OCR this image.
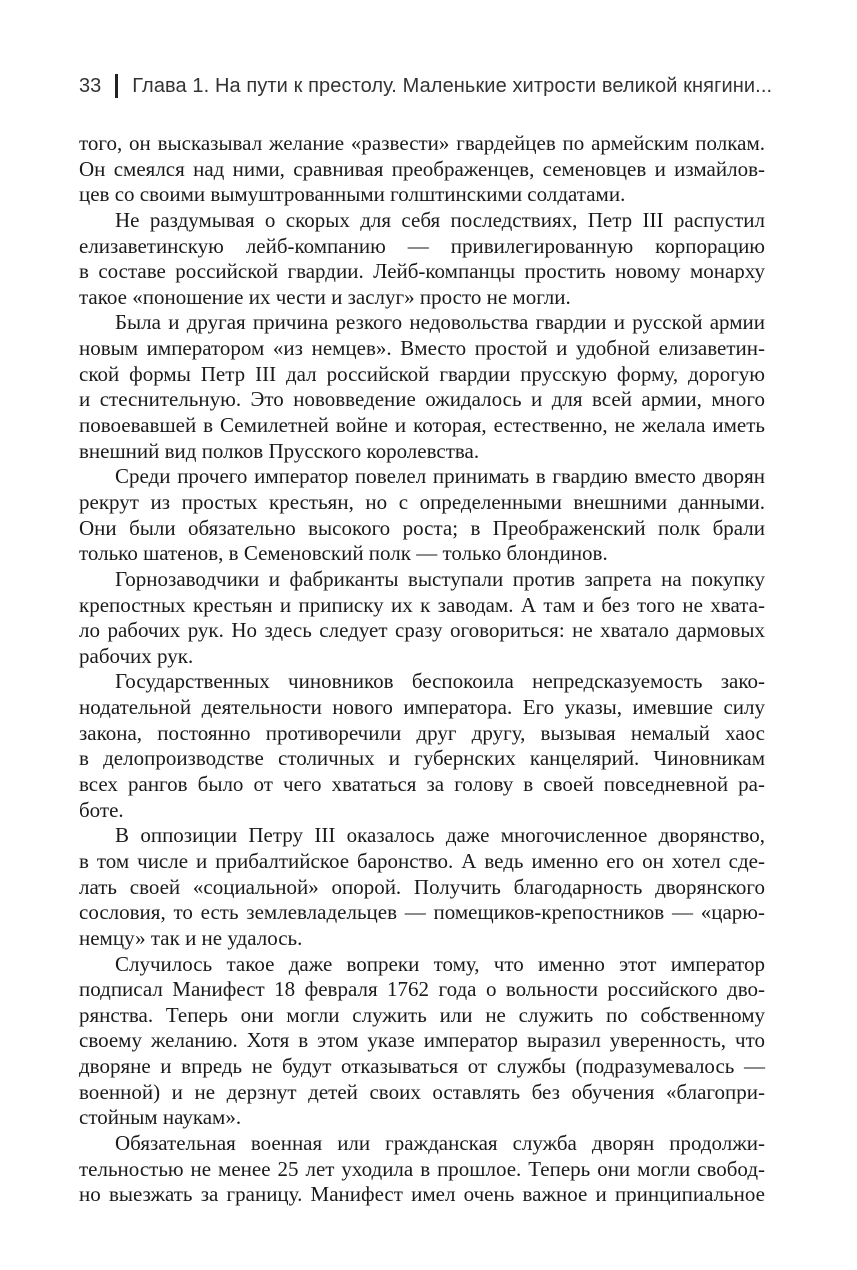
33 Глава 1. На пути к престолу. Маленькие хитрости великой княгини...
того, он высказывал желание «развести» гвардейцев по армейским полкам.
Он смеялся над ними, сравнивая преображенцев, семеновцев и измайлов-
цев со своими вымуштрованными голштинскими солдатами.
Не раздумывая о скорых для себя последствиях, Петр III распустил
елизаветинскую лейб-компанию — привилегированную корпорацию
в составе российской гвардии. Лейб-компанцы простить новому монарху
такое «поношение их чести и заслуг» просто не могли.
Была и другая причина резкого недовольства гвардии и русской армии
новым императором «из немцев». Вместо простой и удобной елизаветин-
ской формы Петр III дал российской гвардии прусскую форму, дорогую
и стеснительную. Это нововведение ожидалось и для всей армии, много
повоевавшей в Семилетней войне и которая, естественно, не желала иметь
внешний вид полков Прусского королевства.
Среди прочего император повелел принимать в гвардию вместо дворян
рекрут из простых крестьян, но с определенными внешними данными.
Они были обязательно высокого роста; в Преображенский полк брали
только шатенов, в Семеновский полк — только блондинов.
Горнозаводчики и фабриканты выступали против запрета на покупку
крепостных крестьян и приписку их к заводам. А там и без того не хвата-
ло рабочих рук. Но здесь следует сразу оговориться: не хватало дармовых
рабочих рук.
Государственных чиновников беспокоила непредсказуемость зако-
нодательной деятельности нового императора. Его указы, имевшие силу
закона, постоянно противоречили друг другу, вызывая немалый хаос
в делопроизводстве столичных и губернских канцелярий. Чиновникам
всех рангов было от чего хвататься за голову в своей повседневной ра-
боте.
В оппозиции Петру III оказалось даже многочисленное дворянство,
в том числе и прибалтийское баронство. А ведь именно его он хотел сде-
лать своей «социальной» опорой. Получить благодарность дворянского
сословия, то есть землевладельцев — помещиков-крепостников — «царю-
немцу» так и не удалось.
Случилось такое даже вопреки тому, что именно этот император
подписал Манифест 18 февраля 1762 года о вольности российского дво-
рянства. Теперь они могли служить или не служить по собственному
своему желанию. Хотя в этом указе император выразил уверенность, что
дворяне и впредь не будут отказываться от службы (подразумевалось —
военной) и не дерзнут детей своих оставлять без обучения «благопри-
стойным наукам».
Обязательная военная или гражданская служба дворян продолжи-
тельностью не менее 25 лет уходила в прошлое. Теперь они могли свобод-
но выезжать за границу. Манифест имел очень важное и принципиальное
